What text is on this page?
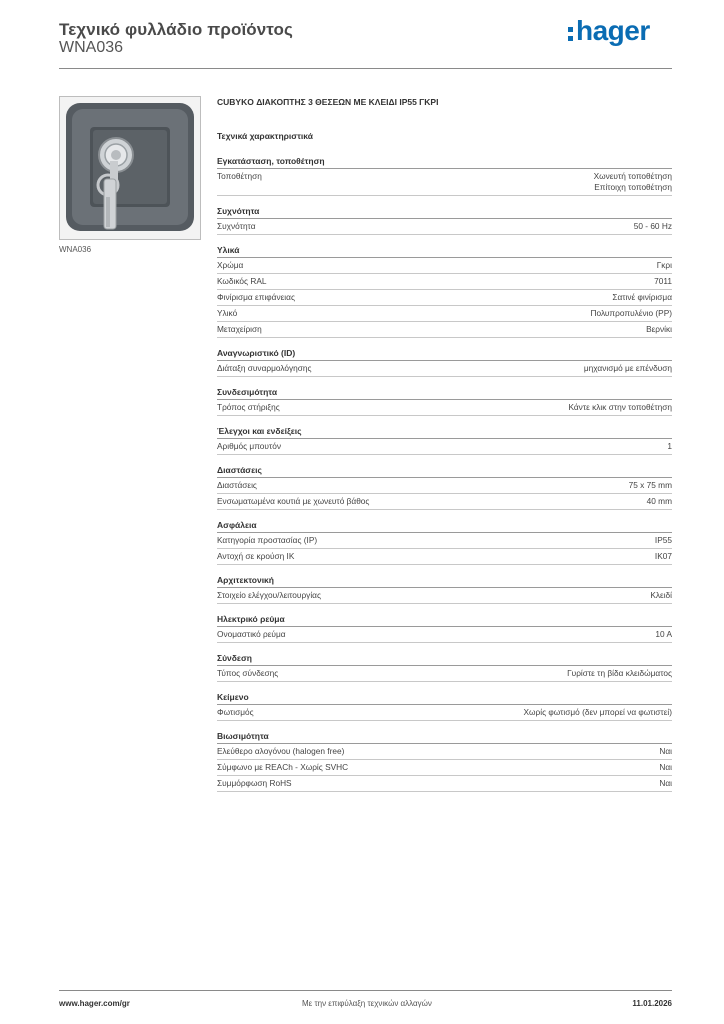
Τεχνικό φυλλάδιο προϊόντος
WNA036
hager
WNA036
CUBYKO ΔΙΑΚΟΠΤΗΣ 3 ΘΕΣΕΩΝ ΜΕ ΚΛΕΙΔΙ IP55 ΓΚΡΙ
Τεχνικά χαρακτηριστικά
Εγκατάσταση, τοποθέτηση
Τοποθέτηση	Χωνευτή τοποθέτηση
Επίτοιχη τοποθέτηση
Συχνότητα
Συχνότητα	50 - 60 Hz
Υλικά
Χρώμα	Γκρι
Κωδικός RAL	7011
Φινίρισμα επιφάνειας	Σατινέ φινίρισμα
Υλικό	Πολυπροπυλένιο (PP)
Μεταχείριση	Βερνίκι
Αναγνωριστικό (ID)
Διάταξη συναρμολόγησης	μηχανισμό με επένδυση
Συνδεσιμότητα
Τρόπος στήριξης	Κάντε κλικ στην τοποθέτηση
Έλεγχοι και ενδείξεις
Αριθμός μπουτόν	1
Διαστάσεις
Διαστάσεις	75 x 75 mm
Ενσωματωμένα κουτιά με χωνευτό βάθος	40 mm
Ασφάλεια
Κατηγορία προστασίας (IP)	IP55
Αντοχή σε κρούση IK	IK07
Αρχιτεκτονική
Στοιχείο ελέγχου/λειτουργίας	Κλειδί
Ηλεκτρικό ρεύμα
Ονομαστικό ρεύμα	10 A
Σύνδεση
Τύπος σύνδεσης	Γυρίστε τη βίδα κλειδώματος
Κείμενο
Φωτισμός	Χωρίς φωτισμό (δεν μπορεί να φωτιστεί)
Βιωσιμότητα
Ελεύθερο αλογόνου (halogen free)	Ναι
Σύμφωνο με REACh - Χωρίς SVHC	Ναι
Συμμόρφωση RoHS	Ναι
www.hager.com/gr	Με την επιφύλαξη τεχνικών αλλαγών	11.01.2026
